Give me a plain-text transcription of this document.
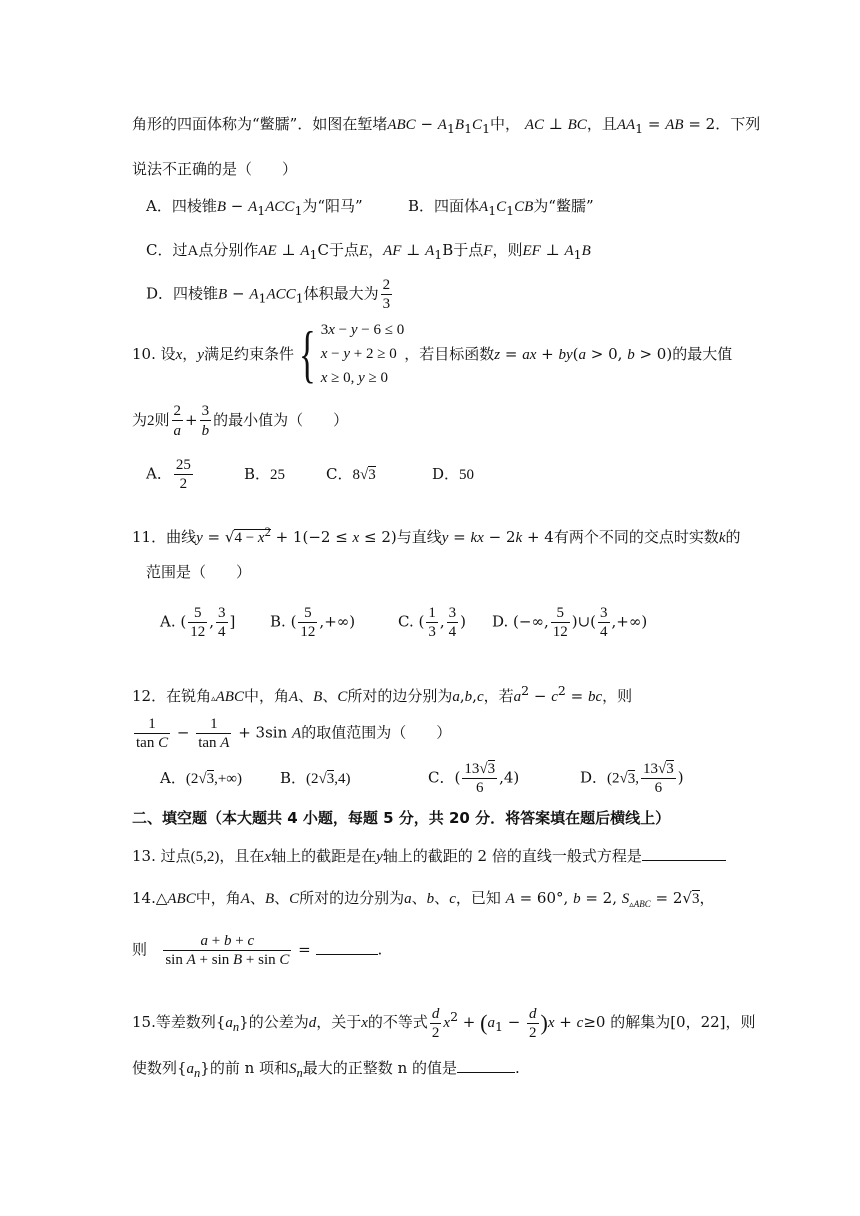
角形的四面体称为“鳖臑”．如图在堑堵ABC − $A_1B_1C_1$中， AC ⊥ BC，且$AA_1$ = AB = 2．下列
说法不正确的是（　　）
A．四棱锥$B - A_1ACC_1$为“阳马”	B．四面体$A_1C_1CB$为“鳖臑”
C．过A点分别作AE ⊥ $A_1C$于点E，AF ⊥ $A_1B$于点F，则EF ⊥ $A_1B$
D．四棱锥$B - A_1ACC_1$体积最大为 $\frac{2}{3}$
10. 设x，y满足约束条件{ 3x − y − 6 ≤ 0
x − y + 2 ≥ 0
x ≥ 0, y ≥ 0，若目标函数z = ax + by(a > 0, b > 0)的最大值
为2则 $\frac{2}{a} + \frac{3}{b}$ 的最小值为（　　）
A． $\frac{25}{2}$	B．25	C．8√3	D．50
11．曲线$y = √4 - x^2 + 1(-2 \le x \le 2)$与直线y = kx − 2k + 4有两个不同的交点时实数k的
范围是（　　）
A. ( $\frac{5}{12}$ , $\frac{3}{4}$ ] B. ( $\frac{5}{12}$ ,+∞)	C. ( $\frac{1}{3}$ , $\frac{3}{4}$ ) D. (−∞, $\frac{5}{12}$ )∪( $\frac{3}{4}$ ,+∞)
12．在锐角▵ABC中，角A、B、C所对的边分别为a,b,c，若$a^2 - c^2$ = bc，则
$\frac{1}{\text{tan C}} - \frac{1}{\text{tan A}} + 3\sin$ A的取值范围为（　　）
A．(2√3,+∞)	B．(2√3,4)	C．( $\frac{13√3}{6} ,4$)	D．(2√3, $\frac{13√3}{6}$ )
二、填空题（本大题共 4 小题，每题 5 分，共 20 分．将答案填在题后横线上）
13. 过点(5,2)，且在x轴上的截距是在y轴上的截距的 2 倍的直线一般式方程是
14.△ABC中，角A、B、C所对的边分别为a、b、c，已知 A = 60°, b = 2, $S_{▵ABC} = 2√3$，
则 $\frac{a + b + c}{\text{sin A + sin B + sin C}}$ =	.
15.等差数列$\{a_n\}$的公差为d，关于x的不等式 $\frac{d}{2} x^2 + (a_1 - \frac{d}{2} )x + c\ge 0$ 的解集为[0，22]，则
使数列$\{a_n\}$的前 n 项和$S_n$最大的正整数 n 的值是	.
